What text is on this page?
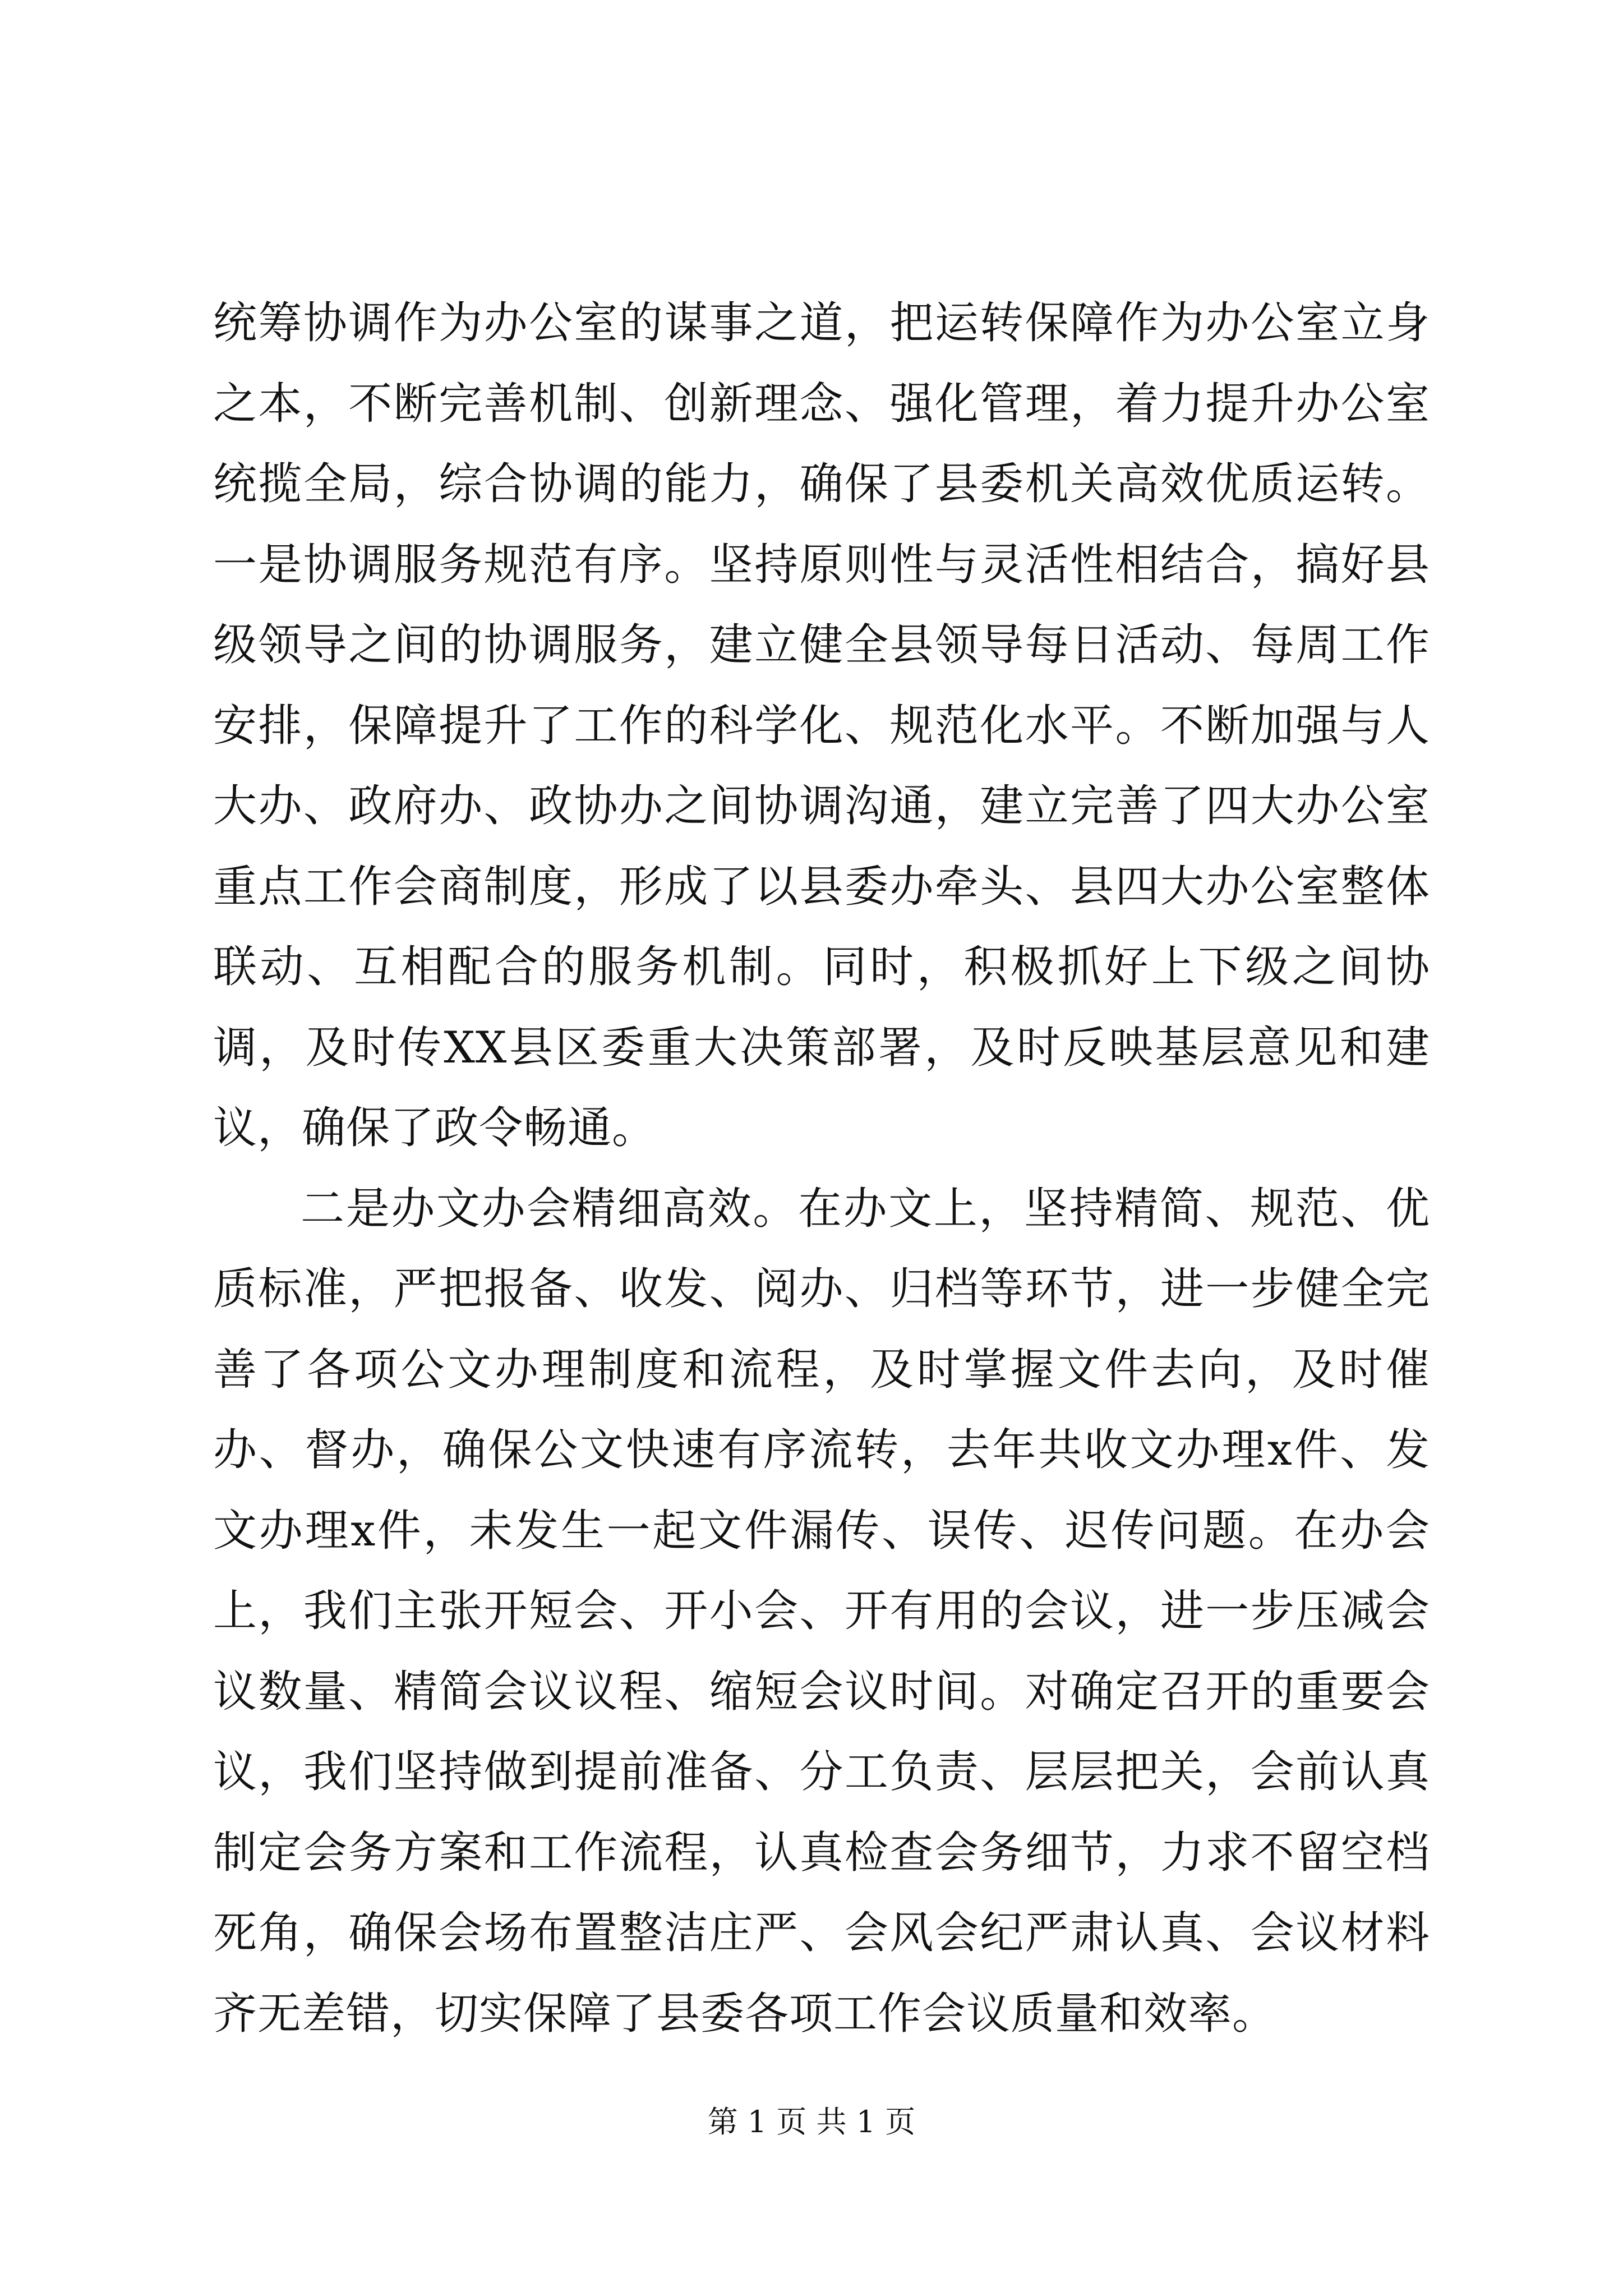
统筹协调作为办公室的谋事之道，把运转保障作为办公室立身之本，不断完善机制、创新理念、强化管理，着力提升办公室统揽全局，综合协调的能力，确保了县委机关高效优质运转。一是协调服务规范有序。坚持原则性与灵活性相结合，搞好县级领导之间的协调服务，建立健全县领导每日活动、每周工作安排，保障提升了工作的科学化、规范化水平。不断加强与人大办、政府办、政协办之间协调沟通，建立完善了四大办公室重点工作会商制度，形成了以县委办牵头、县四大办公室整体联动、互相配合的服务机制。同时，积极抓好上下级之间协调，及时传XX县区委重大决策部署，及时反映基层意见和建议，确保了政令畅通。

二是办文办会精细高效。在办文上，坚持精简、规范、优质标准，严把报备、收发、阅办、归档等环节，进一步健全完善了各项公文办理制度和流程，及时掌握文件去向，及时催办、督办，确保公文快速有序流转，去年共收文办理x件、发文办理x件，未发生一起文件漏传、误传、迟传问题。在办会上，我们主张开短会、开小会、开有用的会议，进一步压减会议数量、精简会议议程、缩短会议时间。对确定召开的重要会议，我们坚持做到提前准备、分工负责、层层把关，会前认真制定会务方案和工作流程，认真检查会务细节，力求不留空档死角，确保会场布置整洁庄严、会风会纪严肃认真、会议材料齐无差错，切实保障了县委各项工作会议质量和效率。

第 1 页 共 1 页
